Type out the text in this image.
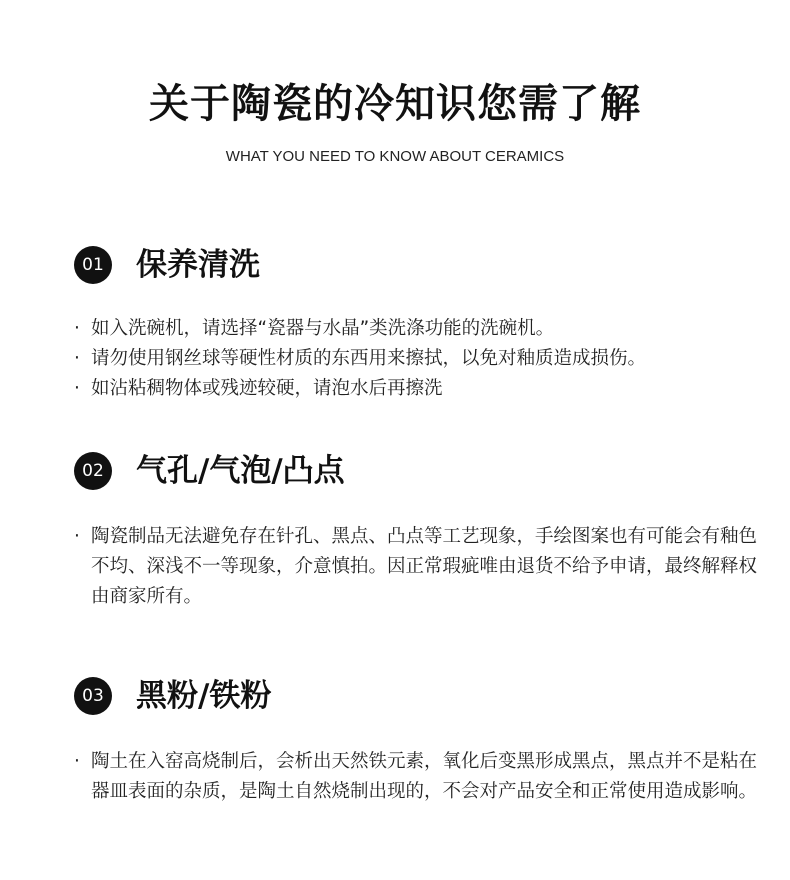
关于陶瓷的冷知识您需了解
WHAT YOU NEED TO KNOW ABOUT CERAMICS
01 保养清洗
· 如入洗碗机，请选择“瓷器与水晶”类洗涤功能的洗碗机。
· 请勿使用钢丝球等硬性材质的东西用来擦拭，以免对釉质造成损伤。
· 如沾粘稠物体或残迹较硬，请泡水后再擦洗
02 气孔/气泡/凸点
· 陶瓷制品无法避免存在针孔、黑点、凸点等工艺现象，手绘图案也有可能会有釉色不均、深浅不一等现象，介意慎拍。因正常瑕疵唯由退货不给予申请，最终解释权由商家所有。
03 黑粉/铁粉
· 陶土在入窑高烧制后，会析出天然铁元素，氧化后变黑形成黑点，黑点并不是粘在器皿表面的杂质，是陶土自然烧制出现的，不会对产品安全和正常使用造成影响。
